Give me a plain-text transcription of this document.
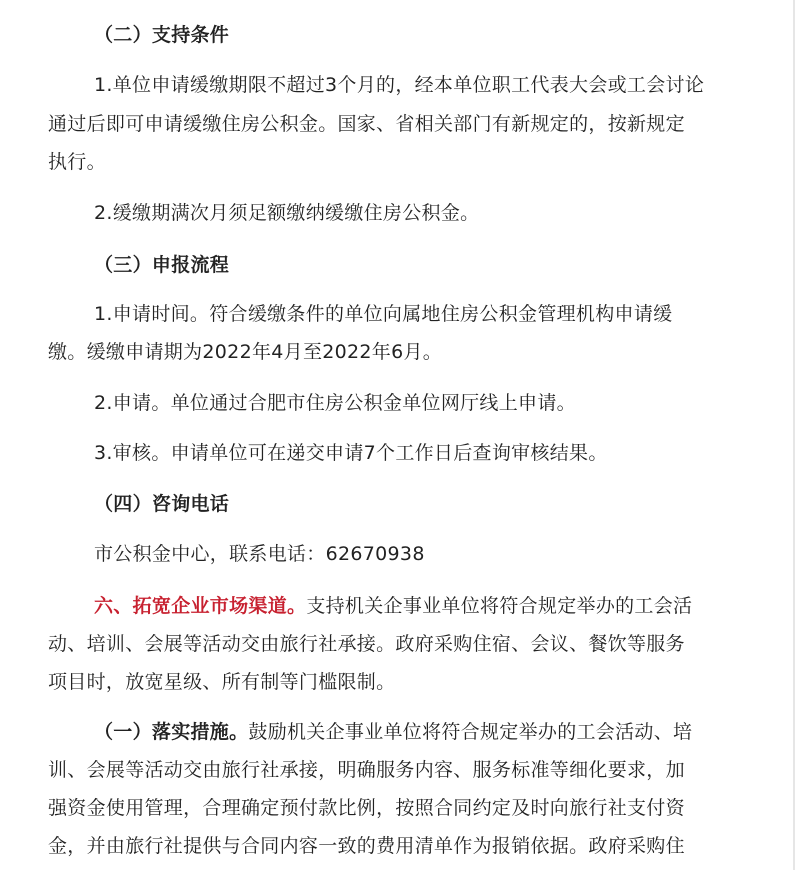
（二）支持条件
1.单位申请缓缴期限不超过3个月的，经本单位职工代表大会或工会讨论
通过后即可申请缓缴住房公积金。国家、省相关部门有新规定的，按新规定
执行。
2.缓缴期满次月须足额缴纳缓缴住房公积金。
（三）申报流程
1.申请时间。符合缓缴条件的单位向属地住房公积金管理机构申请缓
缴。缓缴申请期为2022年4月至2022年6月。
2.申请。单位通过合肥市住房公积金单位网厅线上申请。
3.审核。申请单位可在递交申请7个工作日后查询审核结果。
（四）咨询电话
市公积金中心，联系电话：62670938
六、拓宽企业市场渠道。支持机关企事业单位将符合规定举办的工会活
动、培训、会展等活动交由旅行社承接。政府采购住宿、会议、餐饮等服务
项目时，放宽星级、所有制等门槛限制。
（一）落实措施。鼓励机关企事业单位将符合规定举办的工会活动、培
训、会展等活动交由旅行社承接，明确服务内容、服务标准等细化要求，加
强资金使用管理，合理确定预付款比例，按照合同约定及时向旅行社支付资
金，并由旅行社提供与合同内容一致的费用清单作为报销依据。政府采购住
